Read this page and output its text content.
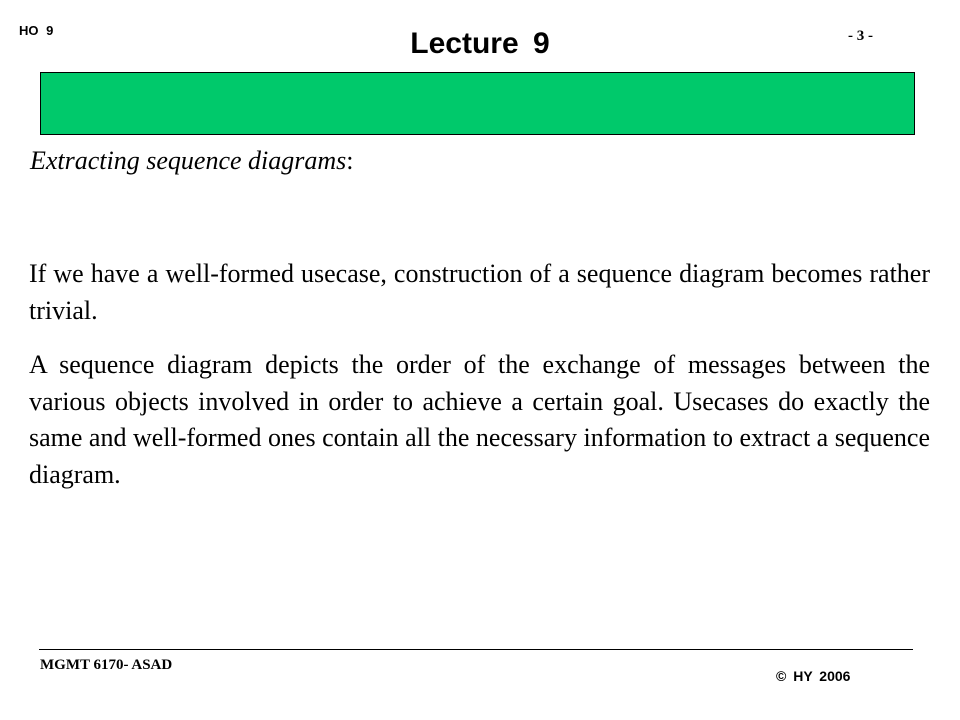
HO 9	Lecture 9	- 3 -
Extracting sequence diagrams:

If we have a well-formed usecase, construction of a sequence diagram becomes rather trivial.

A sequence diagram depicts the order of the exchange of messages between the various objects involved in order to achieve a certain goal. Usecases do exactly the same and well-formed ones contain all the necessary information to extract a sequence diagram.

MGMT 6170- ASAD
© HY 2006
